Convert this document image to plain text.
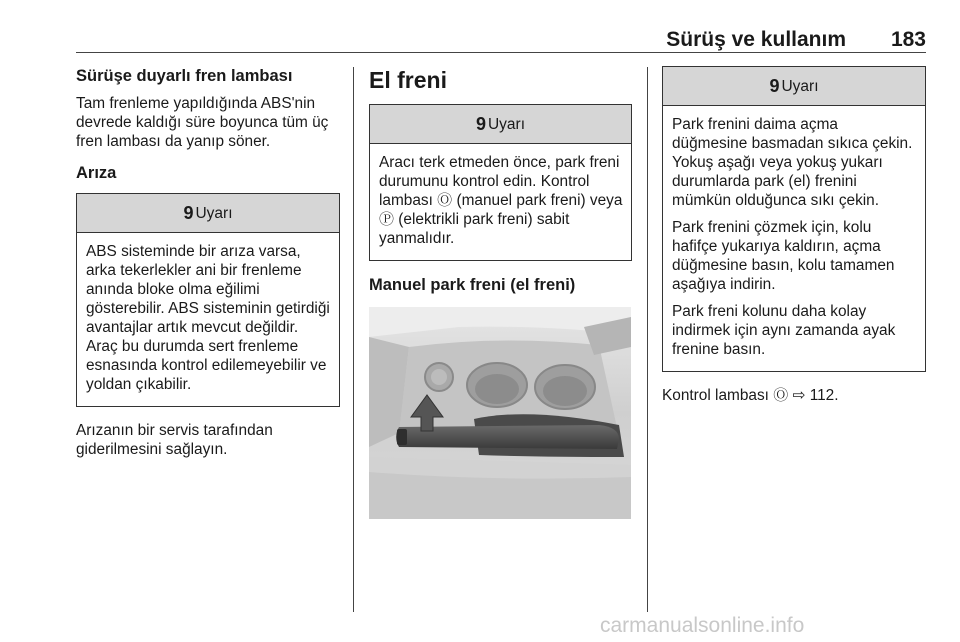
Sürüş ve kullanım 183
Sürüşe duyarlı fren lambası

Tam frenleme yapıldığında ABS'nin devrede kaldığı süre boyunca tüm üç fren lambası da yanıp söner.

Arıza
9 Uyarı

ABS sisteminde bir arıza varsa, arka tekerlekler ani bir frenleme anında bloke olma eğilimi gösterebilir. ABS sisteminin getirdiği avantajlar artık mevcut değildir. Araç bu durumda sert frenleme esnasında kontrol edilemeyebilir ve yoldan çıkabilir.

Arızanın bir servis tarafından giderilmesini sağlayın.

El freni
9 Uyarı

Aracı terk etmeden önce, park freni durumunu kontrol edin. Kontrol lambası Ⓞ (manuel park freni) veya Ⓟ (elektrikli park freni) sabit yanmalıdır.

Manuel park freni (el freni)
9 Uyarı

Park frenini daima açma düğmesine basmadan sıkıca çekin. Yokuş aşağı veya yokuş yukarı durumlarda park (el) frenini mümkün olduğunca sıkı çekin.

Park frenini çözmek için, kolu hafifçe yukarıya kaldırın, açma düğmesine basın, kolu tamamen aşağıya indirin.

Park freni kolunu daha kolay indirmek için aynı zamanda ayak frenine basın.

Kontrol lambası Ⓞ ⇨ 112.

carmanualsonline.info
